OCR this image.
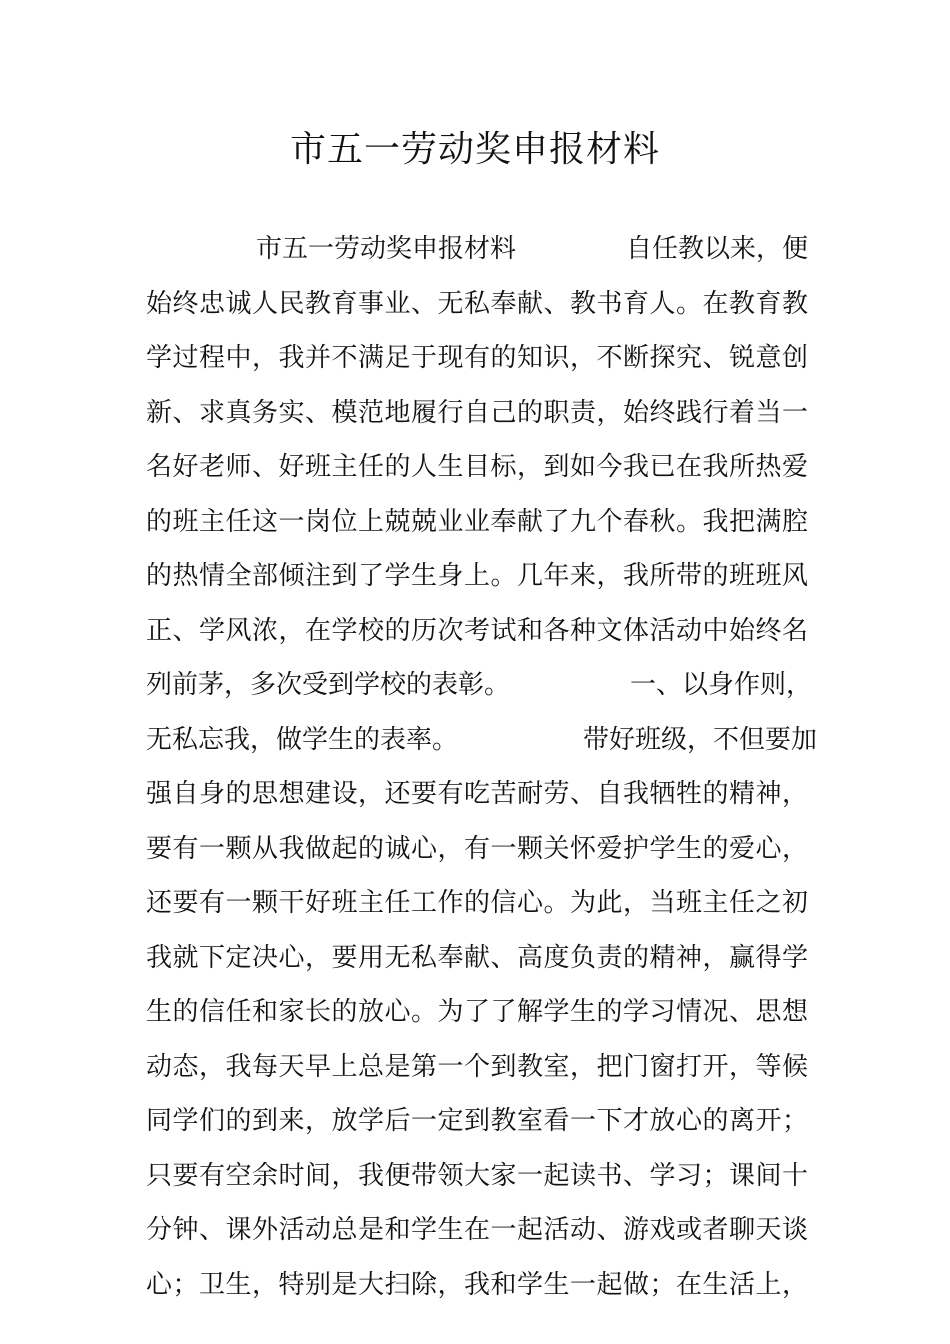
市五一劳动奖申报材料
市五一劳动奖申报材料	自任教以来，便
始终忠诚人民教育事业、无私奉献、教书育人。在教育教
学过程中，我并不满足于现有的知识，不断探究、锐意创
新、求真务实、模范地履行自己的职责，始终践行着当一
名好老师、好班主任的人生目标，到如今我已在我所热爱
的班主任这一岗位上兢兢业业奉献了九个春秋。我把满腔
的热情全部倾注到了学生身上。几年来，我所带的班班风
正、学风浓，在学校的历次考试和各种文体活动中始终名
列前茅，多次受到学校的表彰。	一、以身作则，
无私忘我，做学生的表率。	带好班级，不但要加
强自身的思想建设，还要有吃苦耐劳、自我牺牲的精神，
要有一颗从我做起的诚心，有一颗关怀爱护学生的爱心，
还要有一颗干好班主任工作的信心。为此，当班主任之初
我就下定决心，要用无私奉献、高度负责的精神，赢得学
生的信任和家长的放心。为了了解学生的学习情况、思想
动态，我每天早上总是第一个到教室，把门窗打开，等候
同学们的到来，放学后一定到教室看一下才放心的离开；
只要有空余时间，我便带领大家一起读书、学习；课间十
分钟、课外活动总是和学生在一起活动、游戏或者聊天谈
心；卫生，特别是大扫除，我和学生一起做；在生活上，
